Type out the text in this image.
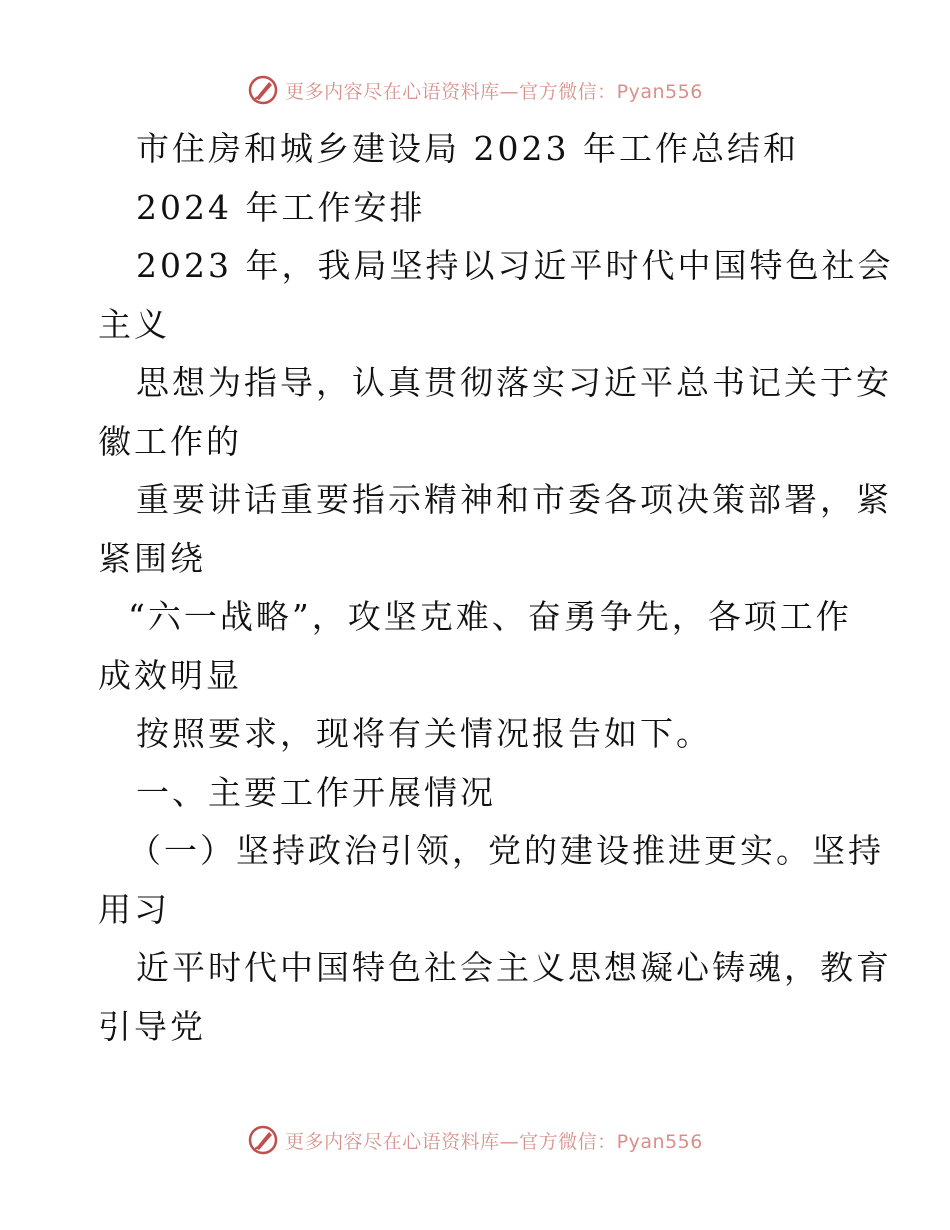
更多内容尽在心语资料库—官方微信：Pyan556
市住房和城乡建设局 2023 年工作总结和
2024 年工作安排
2023 年，我局坚持以习近平时代中国特色社会
主义
思想为指导，认真贯彻落实习近平总书记关于安
徽工作的
重要讲话重要指示精神和市委各项决策部署，紧
紧围绕
“六一战略”，攻坚克难、奋勇争先，各项工作
成效明显
按照要求，现将有关情况报告如下。
一、主要工作开展情况
（一）坚持政治引领，党的建设推进更实。坚持
用习
近平时代中国特色社会主义思想凝心铸魂，教育
引导党
更多内容尽在心语资料库—官方微信：Pyan556
